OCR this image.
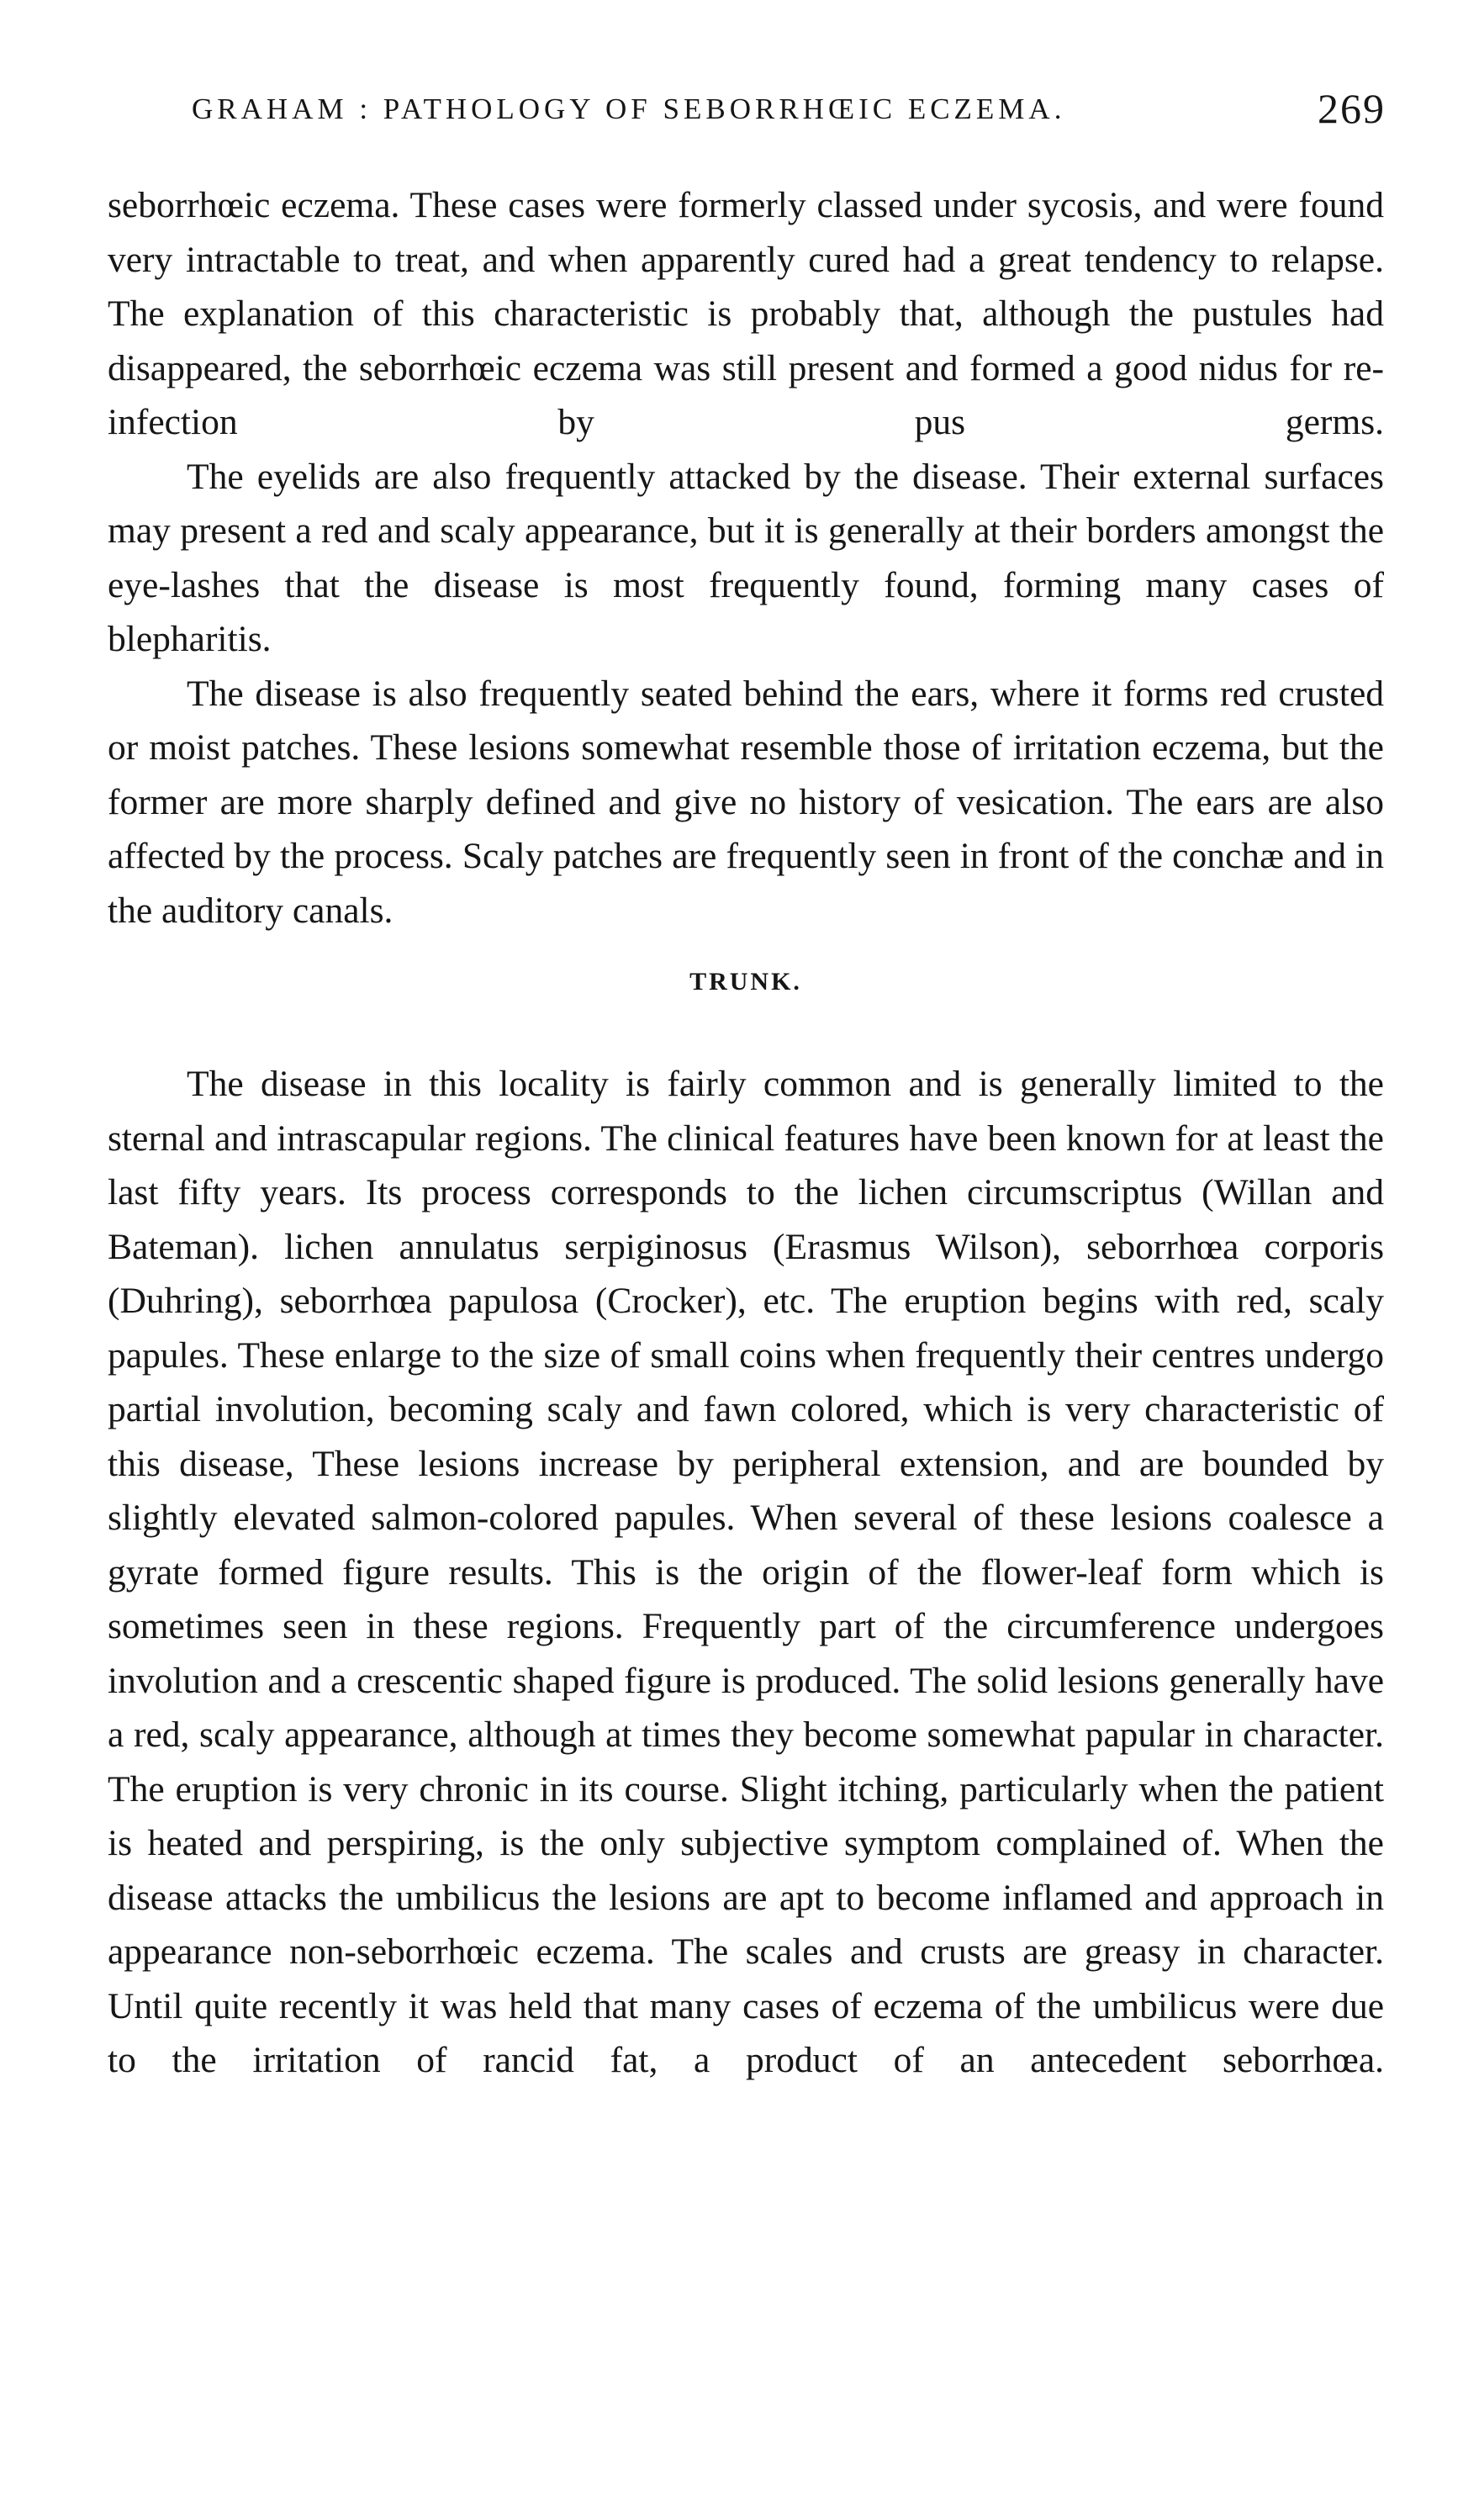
GRAHAM : PATHOLOGY OF SEBORRHŒIC ECZEMA.	269

seborrhœic eczema. These cases were formerly classed under sycosis, and were found very intractable to treat, and when apparently cured had a great tendency to relapse. The explanation of this characteristic is probably that, although the pustules had disappeared, the seborrhœic eczema was still present and formed a good nidus for re-infection by pus germs.

The eyelids are also frequently attacked by the disease. Their external surfaces may present a red and scaly appearance, but it is generally at their borders amongst the eye-lashes that the disease is most frequently found, forming many cases of blepharitis.

The disease is also frequently seated behind the ears, where it forms red crusted or moist patches. These lesions somewhat resemble those of irritation eczema, but the former are more sharply defined and give no history of vesication. The ears are also affected by the process. Scaly patches are frequently seen in front of the conchæ and in the auditory canals.

TRUNK.

The disease in this locality is fairly common and is generally limited to the sternal and intrascapular regions. The clinical features have been known for at least the last fifty years. Its process corresponds to the lichen circumscriptus (Willan and Bateman). lichen annulatus serpiginosus (Erasmus Wilson), seborrhœa corporis (Duhring), seborrhœa papulosa (Crocker), etc. The eruption begins with red, scaly papules. These enlarge to the size of small coins when frequently their centres undergo partial involution, becoming scaly and fawn colored, which is very characteristic of this disease, These lesions increase by peripheral extension, and are bounded by slightly elevated salmon-colored papules. When several of these lesions coalesce a gyrate formed figure results. This is the origin of the flower-leaf form which is sometimes seen in these regions. Frequently part of the circumference undergoes involution and a crescentic shaped figure is produced. The solid lesions generally have a red, scaly appearance, although at times they become somewhat papular in character. The eruption is very chronic in its course. Slight itching, particularly when the patient is heated and perspiring, is the only subjective symptom complained of. When the disease attacks the umbilicus the lesions are apt to become inflamed and approach in appearance non-seborrhœic eczema. The scales and crusts are greasy in character. Until quite recently it was held that many cases of eczema of the umbilicus were due to the irritation of rancid fat, a product of an antecedent seborrhœa.
